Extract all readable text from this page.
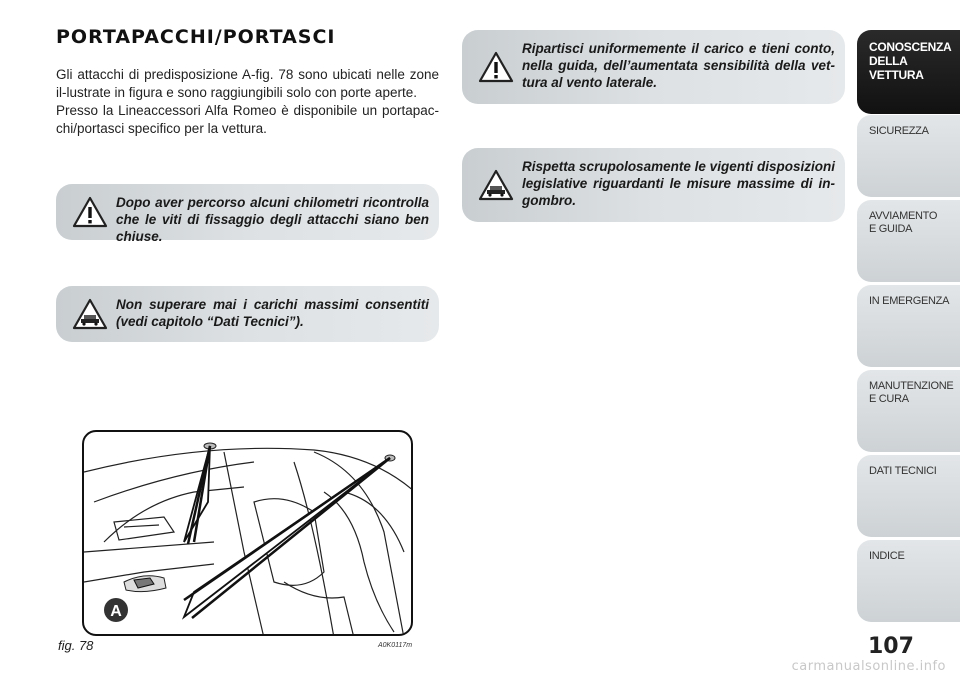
PORTAPACCHI/PORTASCI

Gli attacchi di predisposizione A-fig. 78 sono ubicati nelle zone il-lustrate in figura e sono raggiungibili solo con porte aperte.

Presso la Lineaccessori Alfa Romeo è disponibile un portapac-chi/portasci specifico per la vettura.

Dopo aver percorso alcuni chilometri ricontrolla che le viti di fissaggio degli attacchi siano ben chiuse.
Non superare mai i carichi massimi consentiti (vedi capitolo “Dati Tecnici”).
Ripartisci uniformemente il carico e tieni conto, nella guida, dell’aumentata sensibilità della vet-tura al vento laterale.
Rispetta scrupolosamente le vigenti disposizioni legislative riguardanti le misure massime di in-gombro.
A
fig. 78	A0K0117m
CONOSCENZA
DELLA
VETTURA
SICUREZZA
AVVIAMENTO
E GUIDA
IN EMERGENZA
MANUTENZIONE
E CURA
DATI TECNICI
INDICE
107
carmanualsonline.info
